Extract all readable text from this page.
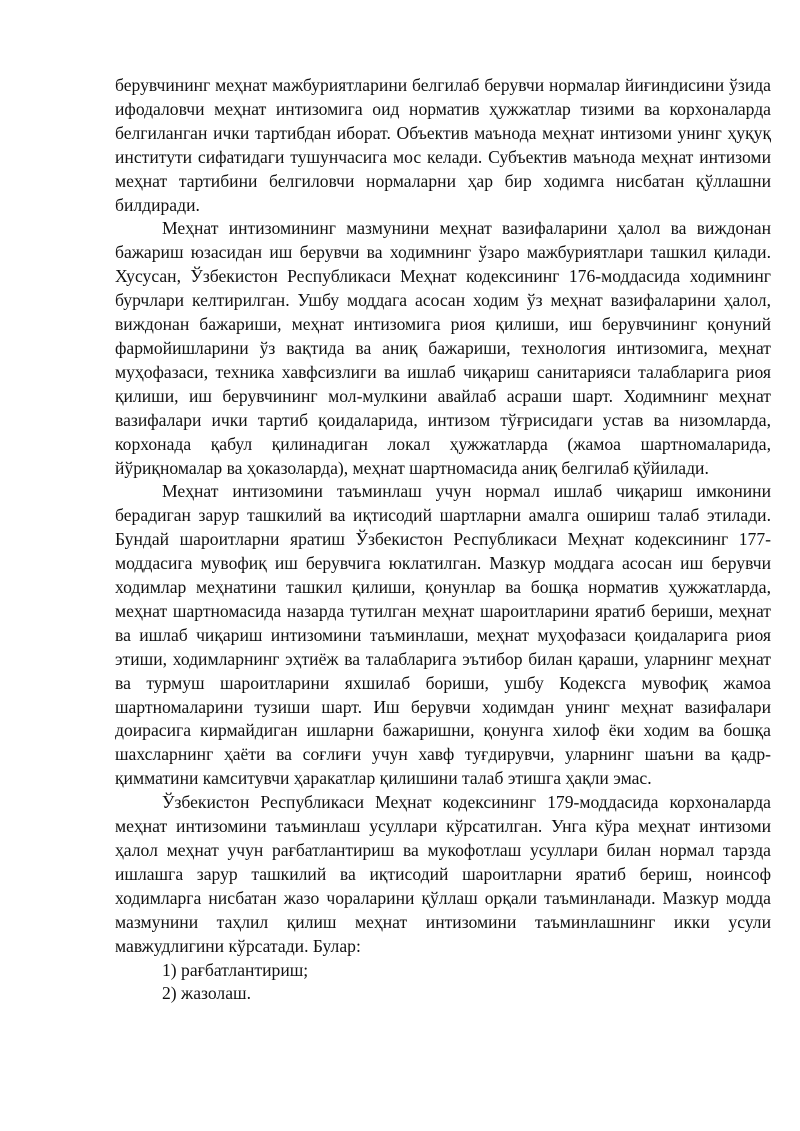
берувчининг меҳнат мажбуриятларини белгилаб берувчи нормалар йиғиндисини ўзида ифодаловчи меҳнат интизомига оид норматив ҳужжатлар тизими ва корхоналарда белгиланган ички тартибдан иборат. Объектив маънода меҳнат интизоми унинг ҳуқуқ институти сифатидаги тушунчасига мос келади. Субъектив маънода меҳнат интизоми меҳнат тартибини белгиловчи нормаларни ҳар бир ходимга нисбатан қўллашни билдиради.

Меҳнат интизомининг мазмунини меҳнат вазифаларини ҳалол ва виждонан бажариш юзасидан иш берувчи ва ходимнинг ўзаро мажбуриятлари ташкил қилади. Хусусан, Ўзбекистон Республикаси Меҳнат кодексининг 176-моддасида ходимнинг бурчлари келтирилган. Ушбу моддага асосан ходим ўз меҳнат вазифаларини ҳалол, виждонан бажариши, меҳнат интизомига риоя қилиши, иш берувчининг қонуний фармойишларини ўз вақтида ва аниқ бажариши, технология интизомига, меҳнат муҳофазаси, техника хавфсизлиги ва ишлаб чиқариш санитарияси талабларига риоя қилиши, иш берувчининг мол-мулкини авайлаб асраши шарт. Ходимнинг меҳнат вазифалари ички тартиб қоидаларида, интизом тўғрисидаги устав ва низомларда, корхонада қабул қилинадиган локал ҳужжатларда (жамоа шартномаларида, йўриқномалар ва ҳоказоларда), меҳнат шартномасида аниқ белгилаб қўйилади.

Меҳнат интизомини таъминлаш учун нормал ишлаб чиқариш имконини берадиган зарур ташкилий ва иқтисодий шартларни амалга ошириш талаб этилади. Бундай шароитларни яратиш Ўзбекистон Республикаси Меҳнат кодексининг 177-моддасига мувофиқ иш берувчига юклатилган. Мазкур моддага асосан иш берувчи ходимлар меҳнатини ташкил қилиши, қонунлар ва бошқа норматив ҳужжатларда, меҳнат шартномасида назарда тутилган меҳнат шароитларини яратиб бериши, меҳнат ва ишлаб чиқариш интизомини таъминлаши, меҳнат муҳофазаси қоидаларига риоя этиши, ходимларнинг эҳтиёж ва талабларига эътибор билан қараши, уларнинг меҳнат ва турмуш шароитларини яхшилаб бориши, ушбу Кодексга мувофиқ жамоа шартномаларини тузиши шарт. Иш берувчи ходимдан унинг меҳнат вазифалари доирасига кирмайдиган ишларни бажаришни, қонунга хилоф ёки ходим ва бошқа шахсларнинг ҳаёти ва соғлиғи учун хавф туғдирувчи, уларнинг шаъни ва қадр-қимматини камситувчи ҳаракатлар қилишини талаб этишга ҳақли эмас.

Ўзбекистон Республикаси Меҳнат кодексининг 179-моддасида корхоналарда меҳнат интизомини таъминлаш усуллари кўрсатилган. Унга кўра меҳнат интизоми ҳалол меҳнат учун рағбатлантириш ва мукофотлаш усуллари билан нормал тарзда ишлашга зарур ташкилий ва иқтисодий шароитларни яратиб бериш, ноинсоф ходимларга нисбатан жазо чораларини қўллаш орқали таъминланади. Мазкур модда мазмунини таҳлил қилиш меҳнат интизомини таъминлашнинг икки усули мавжудлигини кўрсатади. Булар:

1) рағбатлантириш;

2) жазолаш.
